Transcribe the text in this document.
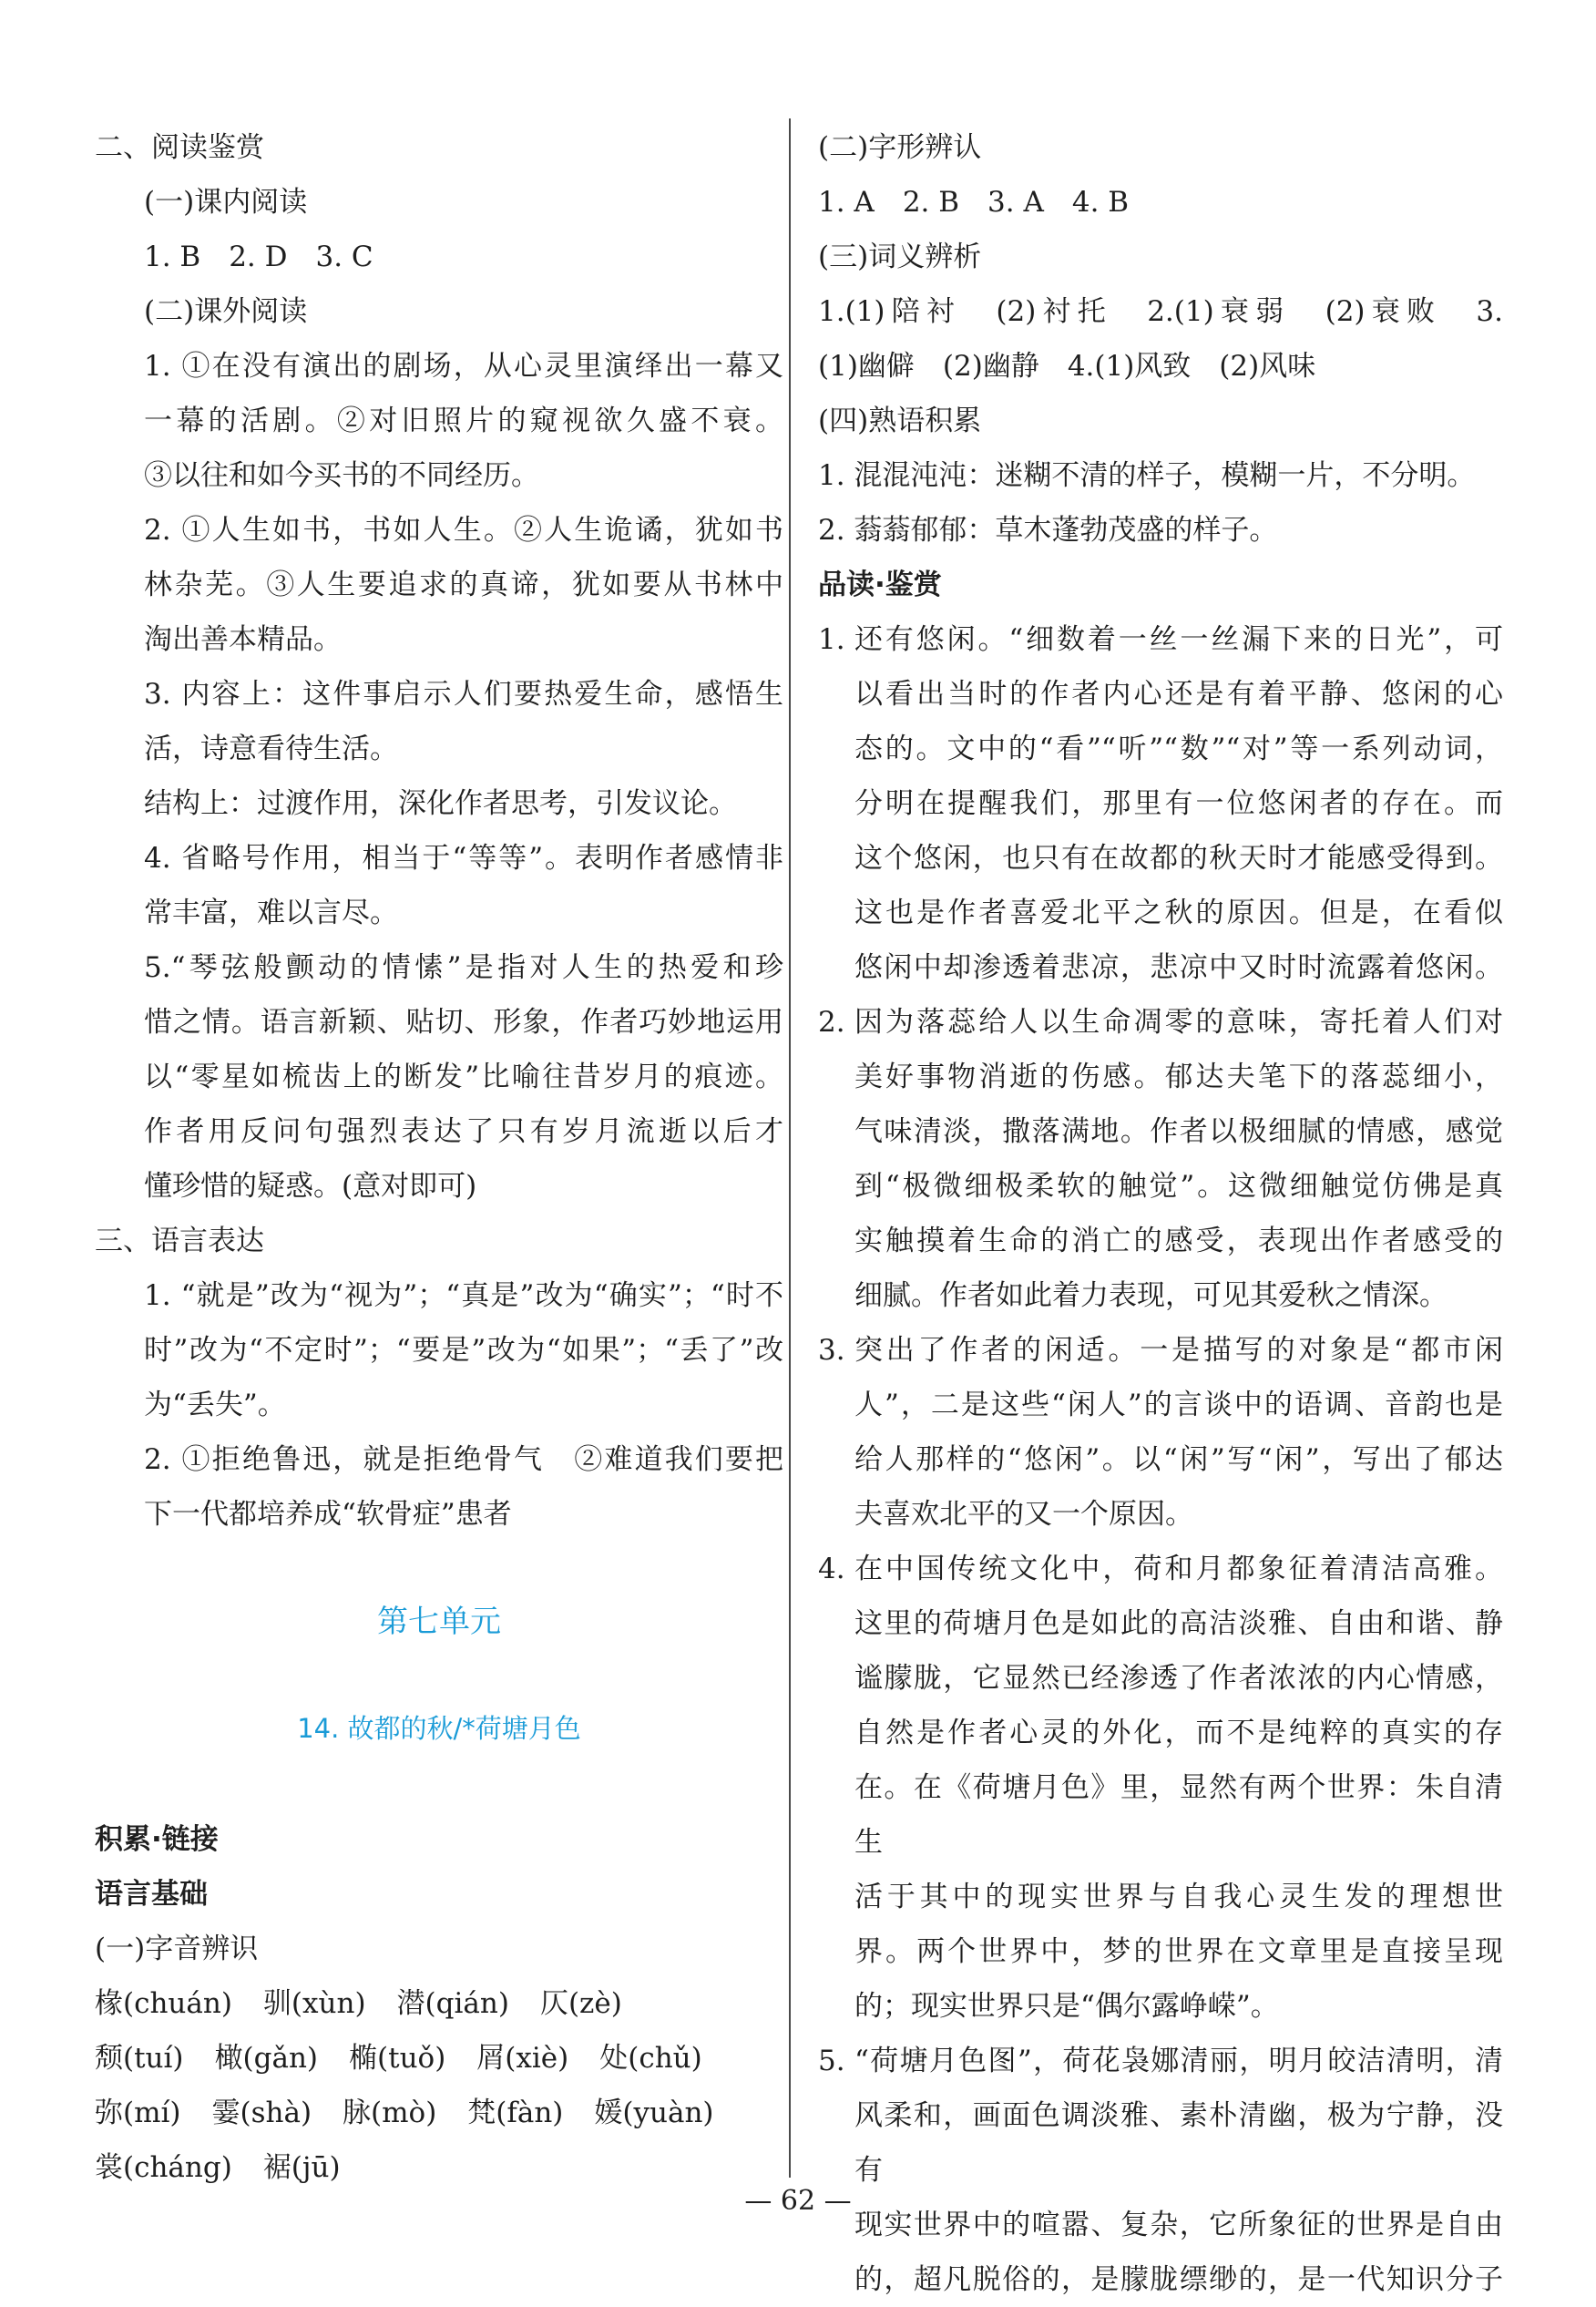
二、阅读鉴赏
(一)课内阅读
1. B　2. D　3. C
(二)课外阅读
1. ①在没有演出的剧场，从心灵里演绎出一幕又
一幕的活剧。②对旧照片的窥视欲久盛不衰。
③以往和如今买书的不同经历。
2. ①人生如书，书如人生。②人生诡谲，犹如书
林杂芜。③人生要追求的真谛，犹如要从书林中
淘出善本精品。
3. 内容上：这件事启示人们要热爱生命，感悟生
活，诗意看待生活。
结构上：过渡作用，深化作者思考，引发议论。
4. 省略号作用，相当于“等等”。表明作者感情非
常丰富，难以言尽。
5.“琴弦般颤动的情愫”是指对人生的热爱和珍
惜之情。语言新颖、贴切、形象，作者巧妙地运用
以“零星如梳齿上的断发”比喻往昔岁月的痕迹。
作者用反问句强烈表达了只有岁月流逝以后才
懂珍惜的疑惑。(意对即可)
三、语言表达
1. “就是”改为“视为”；“真是”改为“确实”；“时不
时”改为“不定时”；“要是”改为“如果”；“丢了”改
为“丢失”。
2. ①拒绝鲁迅，就是拒绝骨气　②难道我们要把
下一代都培养成“软骨症”患者
第七单元
14. 故都的秋/*荷塘月色
积累·链接
语言基础
(一)字音辨识
椽(chuán) 驯(xùn) 潜(qián) 仄(zè)
颓(tuí) 橄(gǎn) 椭(tuǒ) 屑(xiè) 处(chǔ)
弥(mí) 霎(shà) 脉(mò) 梵(fàn) 媛(yuàn)
裳(cháng) 裾(jū)
(二)字形辨认
1. A　2. B　3. A　4. B
(三)词义辨析
1.(1)陪衬　(2)衬托　2.(1)衰弱　(2)衰败　3.
(1)幽僻　(2)幽静　4.(1)风致　(2)风味
(四)熟语积累
1. 混混沌沌：迷糊不清的样子，模糊一片，不分明。
2. 蓊蓊郁郁：草木蓬勃茂盛的样子。
品读·鉴赏
1. 还有悠闲。“细数着一丝一丝漏下来的日光”，可
以看出当时的作者内心还是有着平静、悠闲的心
态的。文中的“看”“听”“数”“对”等一系列动词，
分明在提醒我们，那里有一位悠闲者的存在。而
这个悠闲，也只有在故都的秋天时才能感受得到。
这也是作者喜爱北平之秋的原因。但是，在看似
悠闲中却渗透着悲凉，悲凉中又时时流露着悠闲。
2. 因为落蕊给人以生命凋零的意味，寄托着人们对
美好事物消逝的伤感。郁达夫笔下的落蕊细小，
气味清淡，撒落满地。作者以极细腻的情感，感觉
到“极微细极柔软的触觉”。这微细触觉仿佛是真
实触摸着生命的消亡的感受，表现出作者感受的
细腻。作者如此着力表现，可见其爱秋之情深。
3. 突出了作者的闲适。一是描写的对象是“都市闲
人”，二是这些“闲人”的言谈中的语调、音韵也是
给人那样的“悠闲”。以“闲”写“闲”，写出了郁达
夫喜欢北平的又一个原因。
4. 在中国传统文化中，荷和月都象征着清洁高雅。
这里的荷塘月色是如此的高洁淡雅、自由和谐、静
谧朦胧，它显然已经渗透了作者浓浓的内心情感，
自然是作者心灵的外化，而不是纯粹的真实的存
在。在《荷塘月色》里，显然有两个世界：朱自清生
活于其中的现实世界与自我心灵生发的理想世
界。两个世界中，梦的世界在文章里是直接呈现
的；现实世界只是“偶尔露峥嵘”。
5. “荷塘月色图”，荷花袅娜清丽，明月皎洁清明，清
风柔和，画面色调淡雅、素朴清幽，极为宁静，没有
现实世界中的喧嚣、复杂，它所象征的世界是自由
的，超凡脱俗的，是朦胧缥缈的，是一代知识分子
— 62 —
